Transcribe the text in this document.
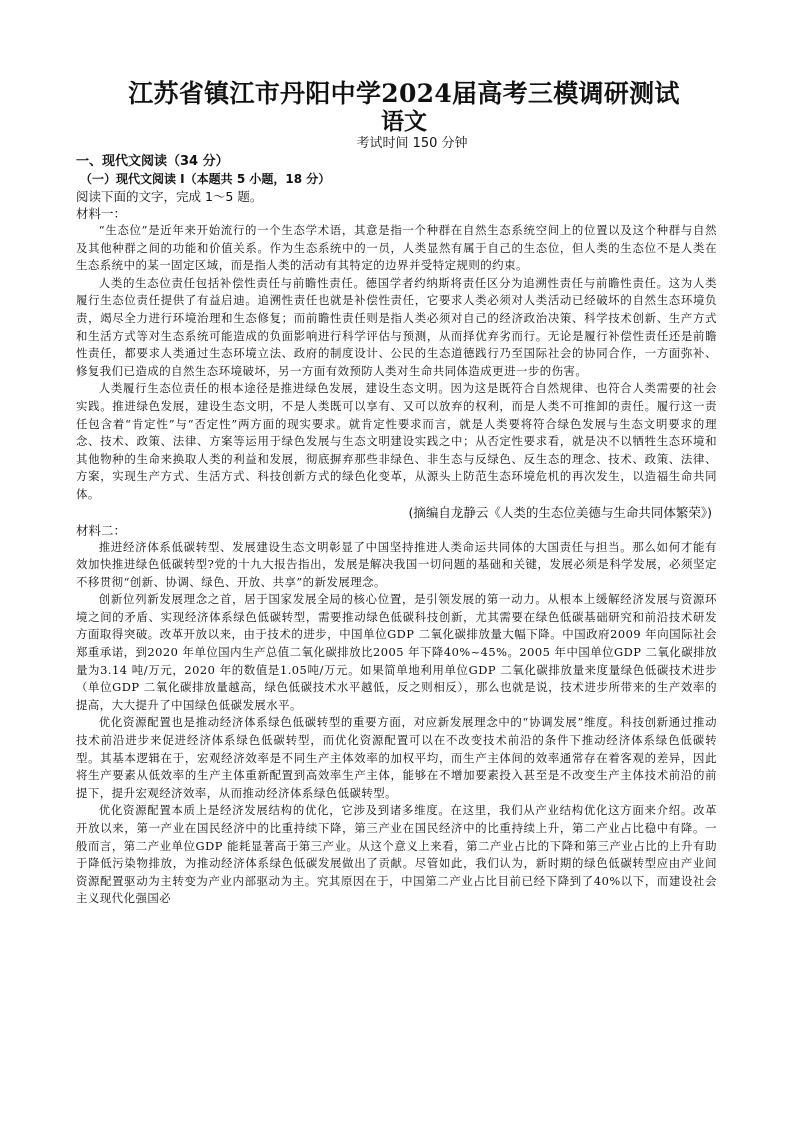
江苏省镇江市丹阳中学2024届高考三模调研测试
语文
考试时间 150 分钟
一、现代文阅读（34 分）
（一）现代文阅读 I（本题共 5 小题，18 分）
阅读下面的文字，完成 1～5 题。
材料一：

“生态位”是近年来开始流行的一个生态学术语，其意是指一个种群在自然生态系统空间上的位置以及这个种群与自然及其他种群之间的功能和价值关系。作为生态系统中的一员，人类显然有属于自己的生态位，但人类的生态位不是人类在生态系统中的某一固定区域，而是指人类的活动有其特定的边界并受特定规则的约束。

人类的生态位责任包括补偿性责任与前瞻性责任。德国学者约纳斯将责任区分为追溯性责任与前瞻性责任。这为人类履行生态位责任提供了有益启迪。追溯性责任也就是补偿性责任，它要求人类必须对人类活动已经破坏的自然生态环境负责，竭尽全力进行环境治理和生态修复；而前瞻性责任则是指人类必须对自己的经济政治决策、科学技术创新、生产方式和生活方式等对生态系统可能造成的负面影响进行科学评估与预测，从而择优弃劣而行。无论是履行补偿性责任还是前瞻性责任，都要求人类通过生态环境立法、政府的制度设计、公民的生态道德践行乃至国际社会的协同合作，一方面弥补、修复我们已造成的自然生态环境破坏，另一方面有效预防人类对生命共同体造成更进一步的伤害。

人类履行生态位责任的根本途径是推进绿色发展，建设生态文明。因为这是既符合自然规律、也符合人类需要的社会实践。推进绿色发展，建设生态文明，不是人类既可以享有、又可以放弃的权利，而是人类不可推卸的责任。履行这一责任包含着“肯定性”与“否定性”两方面的现实要求。就肯定性要求而言，就是人类要将符合绿色发展与生态文明要求的理念、技术、政策、法律、方案等运用于绿色发展与生态文明建设实践之中；从否定性要求看，就是决不以牺牲生态环境和其他物种的生命来换取人类的利益和发展，彻底摒弃那些非绿色、非生态与反绿色、反生态的理念、技术、政策、法律、方案，实现生产方式、生活方式、科技创新方式的绿色化变革，从源头上防范生态环境危机的再次发生，以造福生命共同体。

(摘编自龙静云《人类的生态位美德与生命共同体繁荣》)
材料二：

推进经济体系低碳转型、发展建设生态文明彰显了中国坚持推进人类命运共同体的大国责任与担当。那么如何才能有效加快推进绿色低碳转型?党的十九大报告指出，发展是解决我国一切问题的基础和关键，发展必须是科学发展，必须坚定不移贯彻“创新、协调、绿色、开放、共享”的新发展理念。

创新位列新发展理念之首，居于国家发展全局的核心位置，是引领发展的第一动力。从根本上缓解经济发展与资源环境之间的矛盾、实现经济体系绿色低碳转型，需要推动绿色低碳科技创新，尤其需要在绿色低碳基础研究和前沿技术研发方面取得突破。改革开放以来，由于技术的进步，中国单位GDP 二氧化碳排放量大幅下降。中国政府2009 年向国际社会郑重承诺，到2020 年单位国内生产总值二氧化碳排放比2005 年下降40%~45%。2005 年中国单位GDP 二氧化碳排放量为3.14 吨/万元，2020 年的数值是1.05吨/万元。如果简单地利用单位GDP 二氧化碳排放量来度量绿色低碳技术进步（单位GDP 二氧化碳排放量越高，绿色低碳技术水平越低，反之则相反），那么也就是说，技术进步所带来的生产效率的提高，大大提升了中国绿色低碳发展水平。

优化资源配置也是推动经济体系绿色低碳转型的重要方面，对应新发展理念中的“协调发展”维度。科技创新通过推动技术前沿进步来促进经济体系绿色低碳转型，而优化资源配置可以在不改变技术前沿的条件下推动经济体系绿色低碳转型。其基本逻辑在于，宏观经济效率是不同生产主体效率的加权平均，而生产主体间的效率通常存在着客观的差异，因此将生产要素从低效率的生产主体重新配置到高效率生产主体，能够在不增加要素投入甚至是不改变生产主体技术前沿的前提下，提升宏观经济效率，从而推动经济体系绿色低碳转型。

优化资源配置本质上是经济发展结构的优化，它涉及到诸多维度。在这里，我们从产业结构优化这方面来介绍。改革开放以来，第一产业在国民经济中的比重持续下降，第三产业在国民经济中的比重持续上升，第二产业占比稳中有降。一般而言，第二产业单位GDP 能耗显著高于第三产业。从这个意义上来看，第二产业占比的下降和第三产业占比的上升有助于降低污染物排放，为推动经济体系绿色低碳发展做出了贡献。尽管如此，我们认为，新时期的绿色低碳转型应由产业间资源配置驱动为主转变为产业内部驱动为主。究其原因在于，中国第二产业占比目前已经下降到了40%以下，而建设社会主义现代化强国必
